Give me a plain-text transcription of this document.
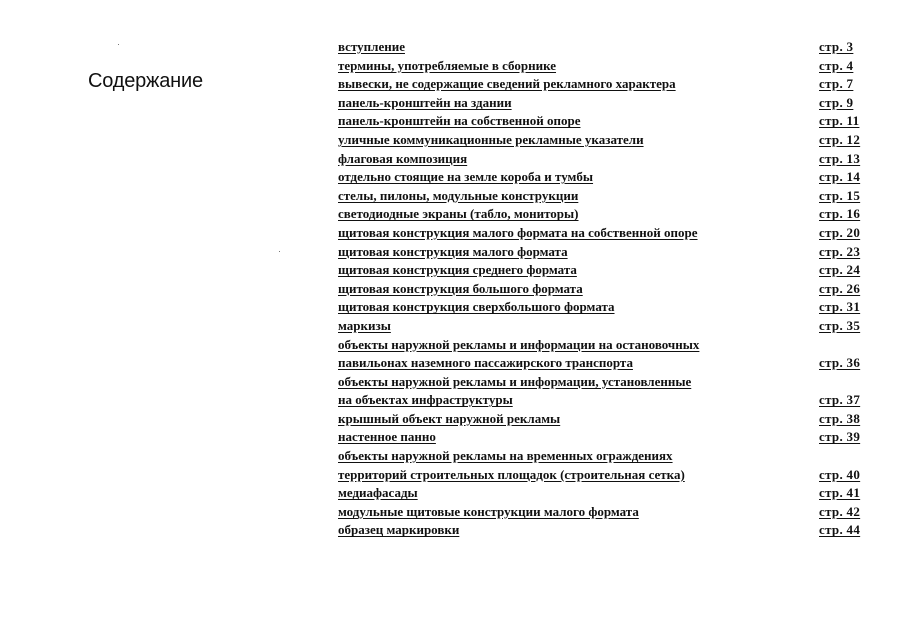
Содержание
вступление	стр. 3
термины, употребляемые в сборнике	стр. 4
вывески, не содержащие сведений рекламного характера	стр. 7
панель-кронштейн на здании	стр. 9
панель-кронштейн на собственной опоре	стр. 11
уличные коммуникационные рекламные указатели	стр. 12
флаговая композиция	стр. 13
отдельно стоящие на земле короба и тумбы	стр. 14
стелы, пилоны, модульные конструкции	стр. 15
светодиодные экраны (табло, мониторы)	стр. 16
щитовая конструкция малого формата на собственной опоре	стр. 20
щитовая конструкция малого формата	стр. 23
щитовая конструкция среднего формата	стр. 24
щитовая конструкция большого формата	стр. 26
щитовая конструкция сверхбольшого формата	стр. 31
маркизы	стр. 35
объекты наружной рекламы и информации на остановочных
павильонах наземного пассажирского транспорта	стр. 36
объекты наружной рекламы и информации, установленные
на объектах инфраструктуры	стр. 37
крышный объект наружной рекламы	стр. 38
настенное панно	стр. 39
объекты наружной рекламы на временных ограждениях
территорий строительных площадок (строительная сетка)	стр. 40
медиафасады	стр. 41
модульные щитовые конструкции малого формата	стр. 42
образец маркировки	стр. 44
